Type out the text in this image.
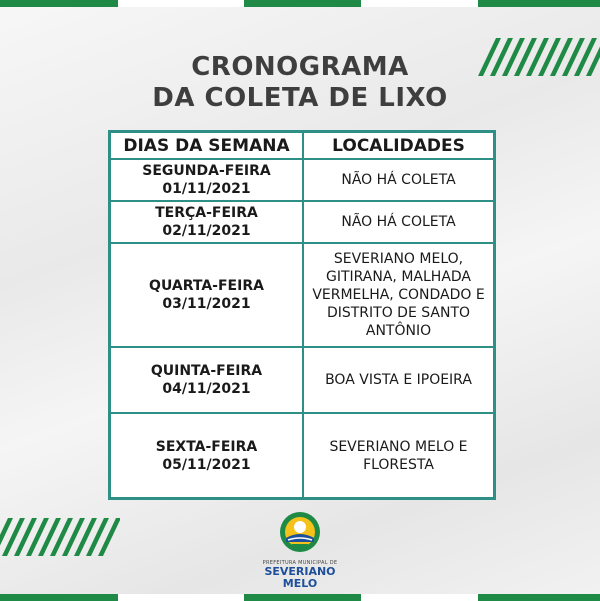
CRONOGRAMA
DA COLETA DE LIXO
DIAS DA SEMANA	LOCALIDADES
SEGUNDA-FEIRA
01/11/2021
NÃO HÁ COLETA
TERÇA-FEIRA
02/11/2021
NÃO HÁ COLETA
QUARTA-FEIRA
03/11/2021
SEVERIANO MELO, GITIRANA, MALHADA VERMELHA, CONDADO E DISTRITO DE SANTO ANTÔNIO
QUINTA-FEIRA
04/11/2021
BOA VISTA E IPOEIRA
SEXTA-FEIRA
05/11/2021
SEVERIANO MELO E FLORESTA
PREFEITURA MUNICIPAL DE
SEVERIANO MELO
